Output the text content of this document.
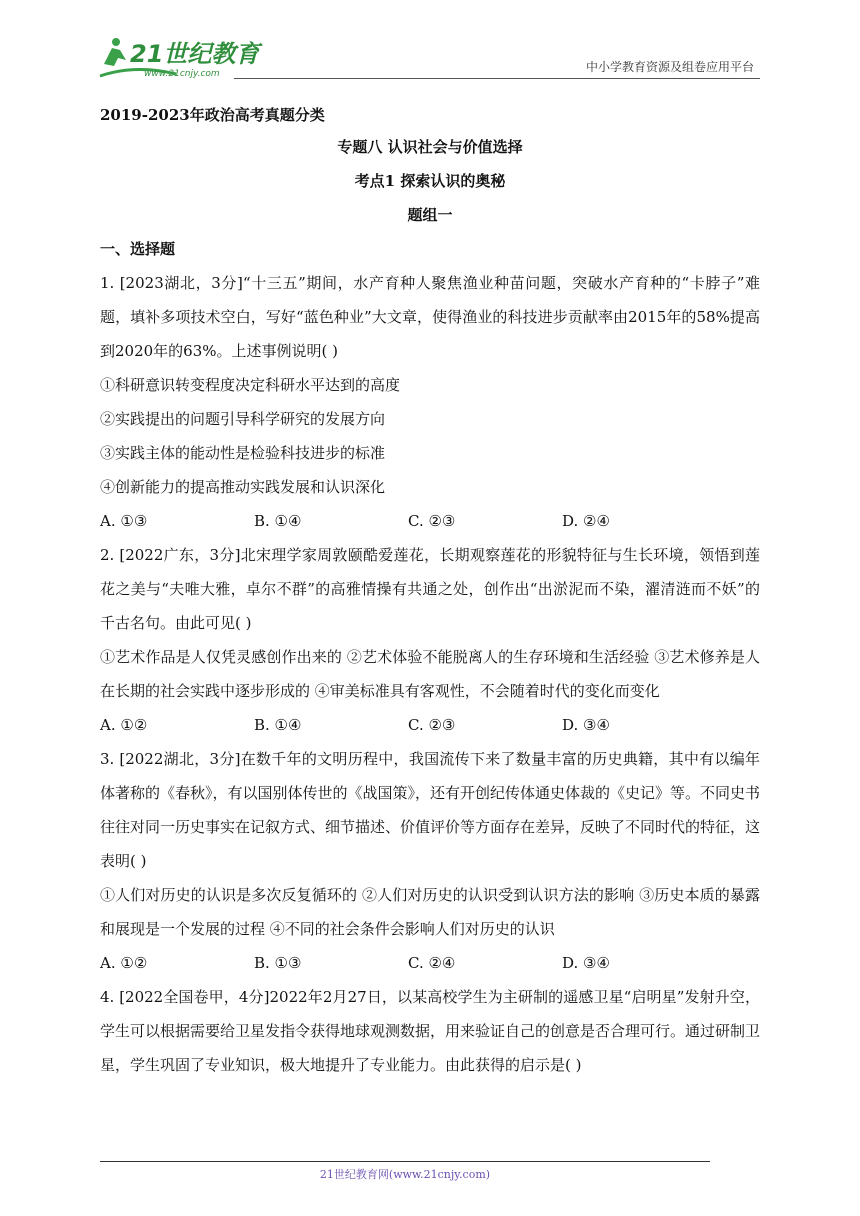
21世纪教育
www.21cnjy.com	中小学教育资源及组卷应用平台

2019-2023年政治高考真题分类

专题八 认识社会与价值选择

考点1 探索认识的奥秘

题组一

一、选择题

1. [2023湖北，3分]“十三五”期间，水产育种人聚焦渔业种苗问题，突破水产育种的“卡脖子”难题，填补多项技术空白，写好“蓝色种业”大文章，使得渔业的科技进步贡献率由2015年的58%提高到2020年的63%。上述事例说明( )

①科研意识转变程度决定科研水平达到的高度

②实践提出的问题引导科学研究的发展方向

③实践主体的能动性是检验科技进步的标准

④创新能力的提高推动实践发展和认识深化

A. ①③	B. ①④	C. ②③	D. ②④

2. [2022广东，3分]北宋理学家周敦颐酷爱莲花，长期观察莲花的形貌特征与生长环境，领悟到莲花之美与“夫唯大雅，卓尔不群”的高雅情操有共通之处，创作出“出淤泥而不染，濯清涟而不妖”的千古名句。由此可见( )

①艺术作品是人仅凭灵感创作出来的 ②艺术体验不能脱离人的生存环境和生活经验 ③艺术修养是人在长期的社会实践中逐步形成的 ④审美标准具有客观性，不会随着时代的变化而变化

A. ①②	B. ①④	C. ②③	D. ③④

3. [2022湖北，3分]在数千年的文明历程中，我国流传下来了数量丰富的历史典籍，其中有以编年体著称的《春秋》，有以国别体传世的《战国策》，还有开创纪传体通史体裁的《史记》等。不同史书往往对同一历史事实在记叙方式、细节描述、价值评价等方面存在差异，反映了不同时代的特征，这表明( )

①人们对历史的认识是多次反复循环的 ②人们对历史的认识受到认识方法的影响 ③历史本质的暴露和展现是一个发展的过程 ④不同的社会条件会影响人们对历史的认识

A. ①②	B. ①③	C. ②④	D. ③④

4. [2022全国卷甲，4分]2022年2月27日，以某高校学生为主研制的遥感卫星“启明星”发射升空，学生可以根据需要给卫星发指令获得地球观测数据，用来验证自己的创意是否合理可行。通过研制卫星，学生巩固了专业知识，极大地提升了专业能力。由此获得的启示是( )

21世纪教育网(www.21cnjy.com)
